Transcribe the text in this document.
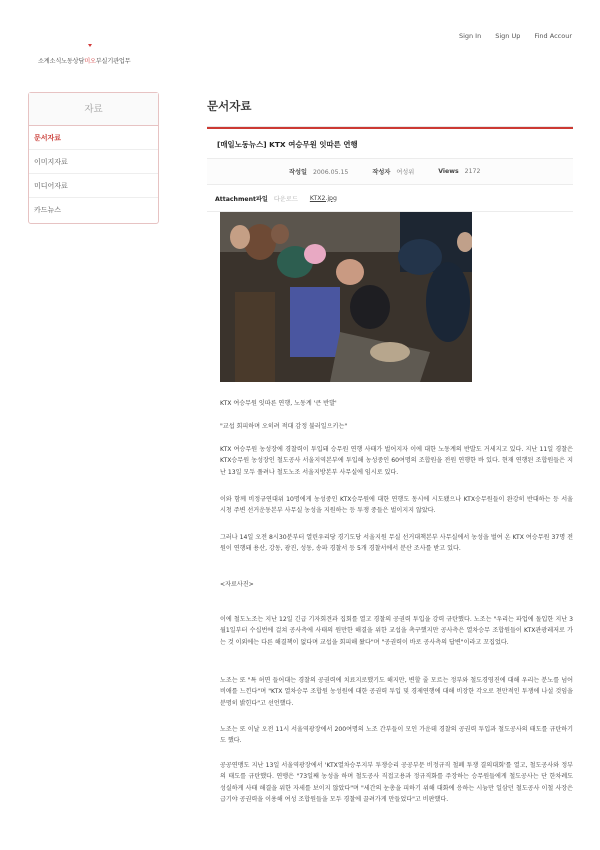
Sign In Sign Up Find Accour
소계소식노동상담미오부실기관업무
자료
문서자료
이미지자료
미디어자료
카드뉴스
문서자료
[매일노동뉴스] KTX 여승무원 잇따른 연행
작성일 2006.05.15	작성자 여성위	Views 2172
Attachment파일 다운로드 KTX2.jpg
KTX 여승무원 잇따른 연행, 노동계 '큰 반발'
"교섭 회피하며 오히려 적대 감정 불러일으키는"

KTX 여승무원 농성장에 경찰력이 투입돼 승무원 연행 사태가 벌어지자 이에 대한 노동계의 반발도 거세지고 있다. 지난 11일 경찰은 KTX승무원 농성장인 철도공사 서울지역본부에 투입해 농성중인 60여명의 조합원을 전원 연행한 바 있다. 현재 연행된 조합원들은 지난 13일 모두 풀려나 철도노조 서울지방본부 사무실에 임시로 있다.

이와 함께 비정규연대위 10명에게 농성중인 KTX승무원에 대한 연행도 동시에 시도됐으나 KTX승무원들이 완강히 반대하는 등 서울 시청 주변 선거운동본부 사무실 농성을 지원하는 등 투쟁 중들은 벌이지지 않았다.

그러나 14일 오전 8시30분부터 열린우리당 경기도당 서울지원 무실 선거대책본부 사무실에서 농성을 벌여 온 KTX 여승무원 37명 전원이 연행돼 용산, 강동, 광진, 성동, 송파 경찰서 등 5개 경찰서에서 분산 조사를 받고 있다.

<자료사진>

이에 철도노조는 지난 12일 긴급 기자회견과 집회를 열고 경찰의 공권력 투입을 강력 규탄했다. 노조는 "우리는 파업에 돌입한 지난 3월1일부터 수십번에 걸쳐 공사측에 사태의 원만한 해결을 위한 교섭을 촉구했지만 공사측은 열차승무 조합원들이 KTX관광레저로 가는 것 이외에는 다른 해결책이 없다며 교섭을 회피해 왔다"며 "공권력이 바로 공사측의 답변"이라고 꼬집었다.

노조는 또 "특 허면 들어대는 경찰의 공권력에 치료지로했기도 해지만, 변할 줄 모르는 정부와 철도경영진에 대해 우리는 분노를 넘어 비애를 느낀다"며 "KTX 열차승무 조합원 농성원에 대한 공권력 투입 및 경제연행에 대해 비장한 각오로 천만적인 투쟁에 나설 것임을 분명히 밝힌다"고 선언했다.

노조는 또 이날 오전 11시 서울역광장에서 200여명의 노조 간부들이 모인 가운데 경찰의 공권력 투입과 철도공사의 태도를 규탄하기도 했다.

공공연맹도 지난 13일 서울역광장에서 'KTX열차승무지부 투쟁승리 공공부문 비정규직 철폐 투쟁 결의대회'를 열고, 철도공사와 정부의 태도를 규탄했다. 연맹은 "73일째 농성을 하며 철도공사 직접고용과 정규직화를 주장하는 승무원들에게 철도공사는 단 한차례도 성실하게 사태 해결을 위한 자세를 보이지 않았다"며 "세간의 눈총을 피하기 위해 대화에 응하는 시늉만 일삼던 철도공사 이철 사장은 급기야 공권력을 이용해 여성 조합원들을 모두 경찰에 끌려가게 만들었다"고 비판했다.
